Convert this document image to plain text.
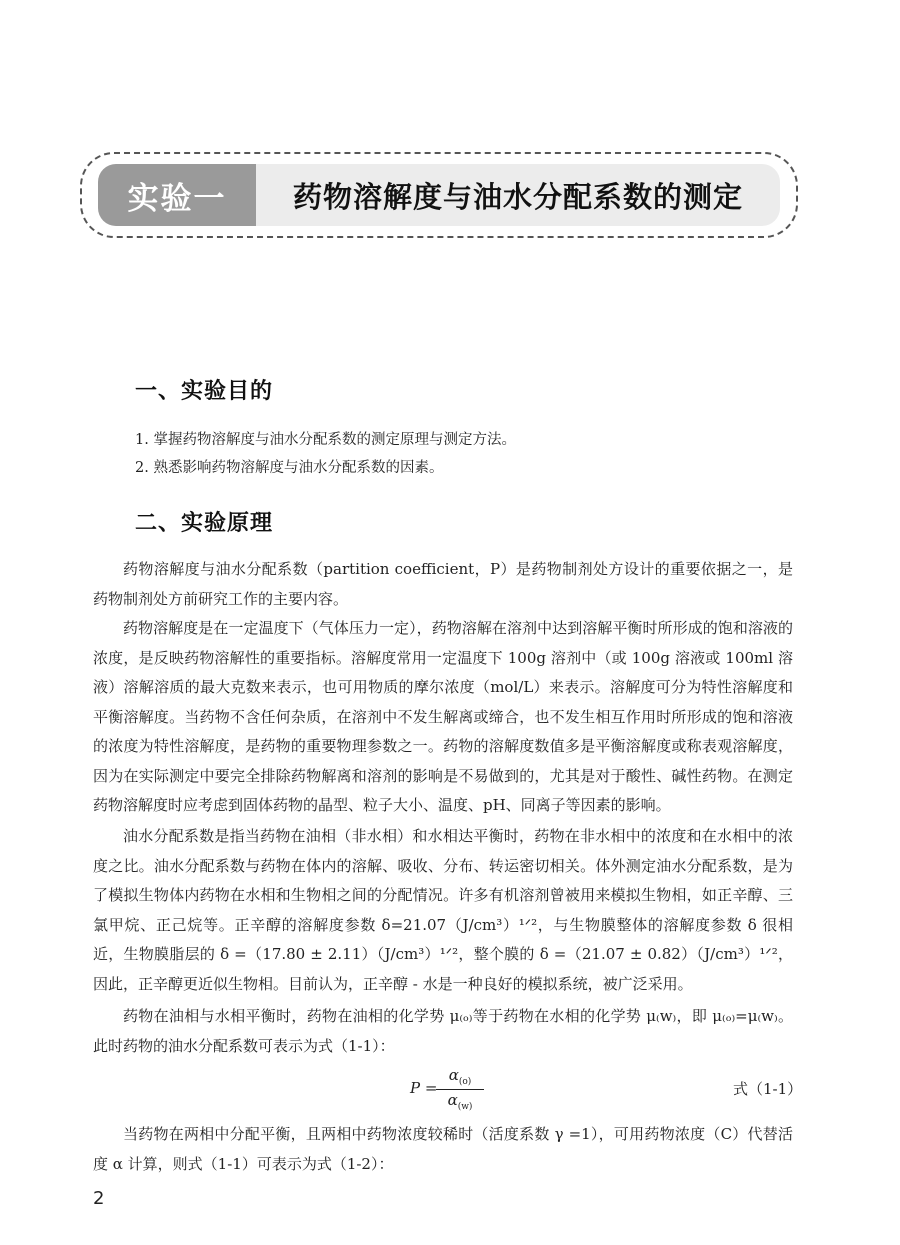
实验一	药物溶解度与油水分配系数的测定
一、实验目的
1. 掌握药物溶解度与油水分配系数的测定原理与测定方法。
2. 熟悉影响药物溶解度与油水分配系数的因素。
二、实验原理
药物溶解度与油水分配系数（partition coefficient，P）是药物制剂处方设计的重要依据之一，是药物制剂处方前研究工作的主要内容。
药物溶解度是在一定温度下（气体压力一定），药物溶解在溶剂中达到溶解平衡时所形成的饱和溶液的浓度，是反映药物溶解性的重要指标。溶解度常用一定温度下 100g 溶剂中（或 100g 溶液或 100ml 溶液）溶解溶质的最大克数来表示，也可用物质的摩尔浓度（mol/L）来表示。溶解度可分为特性溶解度和平衡溶解度。当药物不含任何杂质，在溶剂中不发生解离或缔合，也不发生相互作用时所形成的饱和溶液的浓度为特性溶解度，是药物的重要物理参数之一。药物的溶解度数值多是平衡溶解度或称表观溶解度，因为在实际测定中要完全排除药物解离和溶剂的影响是不易做到的，尤其是对于酸性、碱性药物。在测定药物溶解度时应考虑到固体药物的晶型、粒子大小、温度、pH、同离子等因素的影响。
油水分配系数是指当药物在油相（非水相）和水相达平衡时，药物在非水相中的浓度和在水相中的浓度之比。油水分配系数与药物在体内的溶解、吸收、分布、转运密切相关。体外测定油水分配系数，是为了模拟生物体内药物在水相和生物相之间的分配情况。许多有机溶剂曾被用来模拟生物相，如正辛醇、三氯甲烷、正己烷等。正辛醇的溶解度参数 δ=21.07（J/cm³）¹ᐟ²，与生物膜整体的溶解度参数 δ 很相近，生物膜脂层的 δ =（17.80 ± 2.11）（J/cm³）¹ᐟ²，整个膜的 δ =（21.07 ± 0.82）（J/cm³）¹ᐟ²，因此，正辛醇更近似生物相。目前认为，正辛醇 - 水是一种良好的模拟系统，被广泛采用。
药物在油相与水相平衡时，药物在油相的化学势 μ₍ₒ₎等于药物在水相的化学势 μ₍w₎，即 μ₍ₒ₎=μ₍w₎。此时药物的油水分配系数可表示为式（1-1）：
P =
$\alpha_{(o)}$
$\alpha_{(w)}$
式（1-1）
当药物在两相中分配平衡，且两相中药物浓度较稀时（活度系数 γ =1），可用药物浓度（C）代替活度 α 计算，则式（1-1）可表示为式（1-2）：
2
